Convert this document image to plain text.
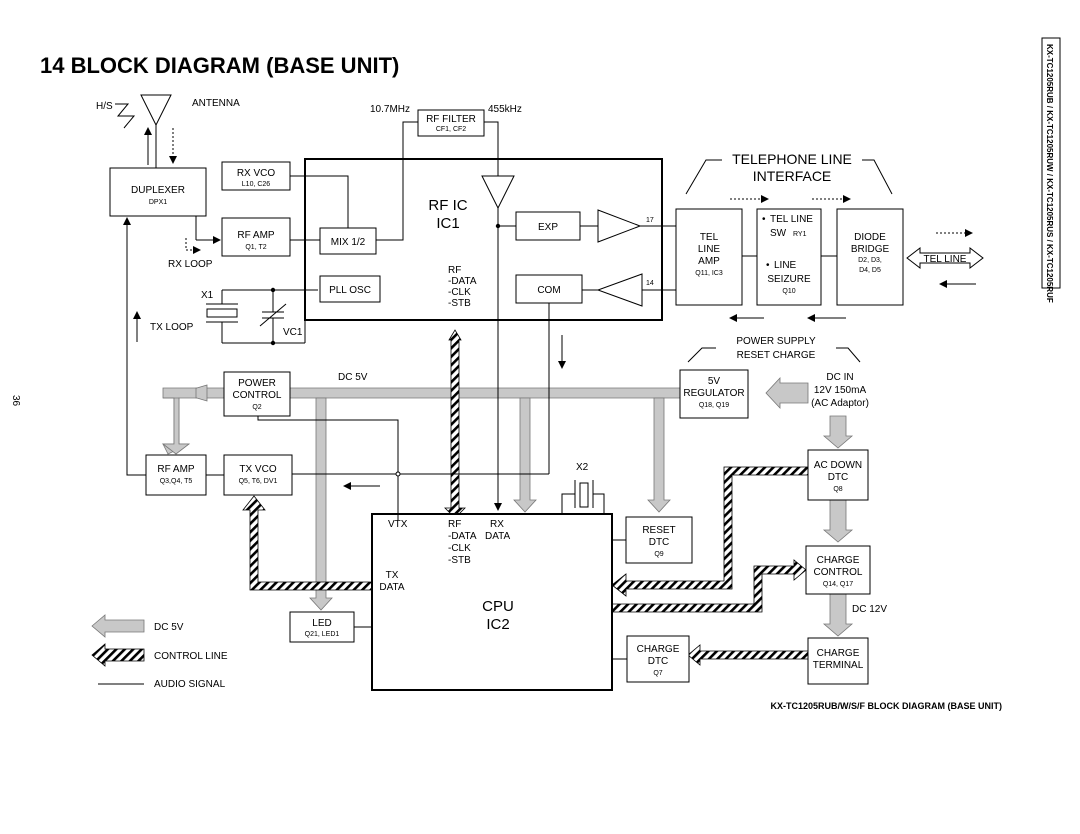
14 BLOCK DIAGRAM (BASE UNIT)	KX-TC1205RUB / KX-TC1205RUW / KX-TC1205RUS / KX-TC1205RUF
36
H/S	ANTENNA
DUPLEXER
DPX1
RX VCO
L10, C26
RF AMP
Q1, T2
RX LOOP
X1
VC1
TX LOOP
10.7MHz	455kHz
RF FILTER
CF1, CF2
MIX 1/2
PLL OSC
RF IC
IC1	EXP
17
COM
14
RF
-DATA
-CLK
-STB
TELEPHONE LINE
INTERFACE
TEL
LINE
AMP
Q11, IC3
• TEL LINE
SW RY1
• LINE
SEIZURE
Q10
DIODE
BRIDGE
D2, D3,
D4, D5
TEL LINE
POWER SUPPLY
RESET CHARGE
POWER
CONTROL
Q2
DC 5V	5V
REGULATOR
Q18, Q19
DC IN
12V 150mA
(AC Adaptor)
RF AMP
Q3,Q4, T5
TX VCO
Q5, T6, DV1
X2
VTX	RF
-DATA
-CLK
-STB
RX
DATA
TX
DATA
CPU
IC2
RESET
DTC
Q9
AC DOWN
DTC
Q8
CHARGE
CONTROL
Q14, Q17
DC 12V
CHARGE
TERMINAL
CHARGE
DTC
Q7
LED
Q21, LED1
DC 5V
CONTROL LINE
AUDIO SIGNAL
KX-TC1205RUB/W/S/F BLOCK DIAGRAM (BASE UNIT)
